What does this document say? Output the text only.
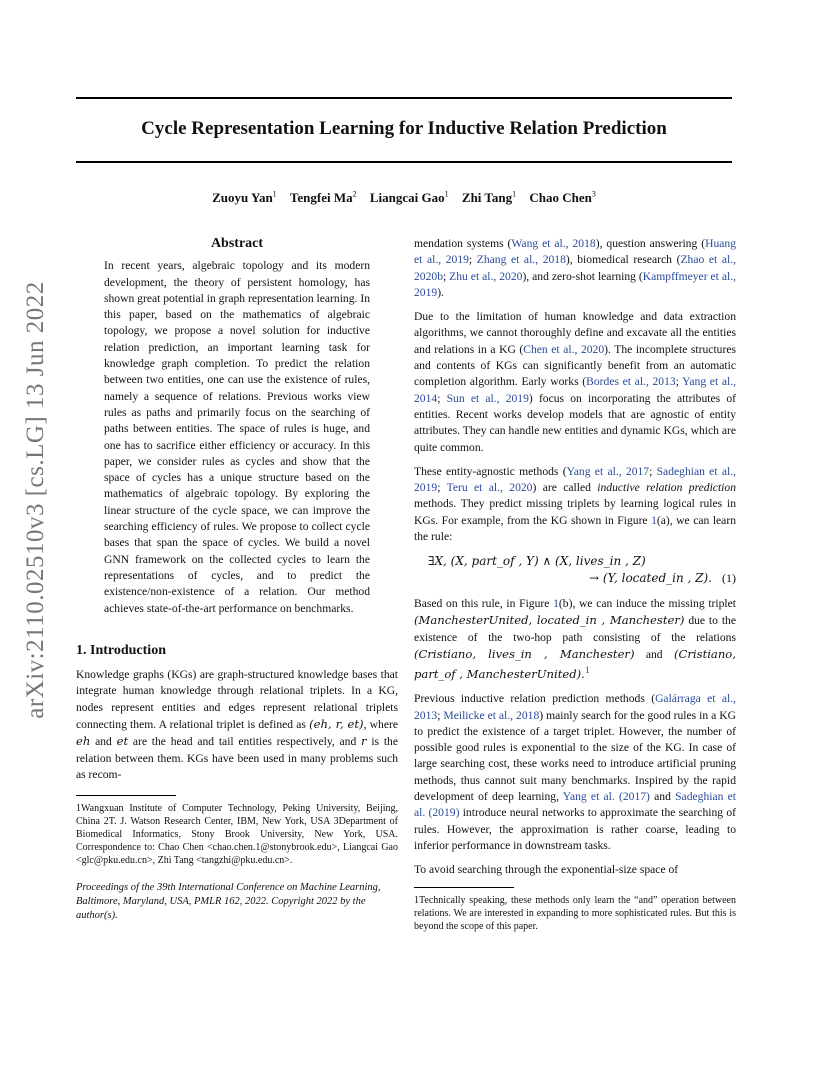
Cycle Representation Learning for Inductive Relation Prediction
Zuoyu Yan$^1$ Tengfei Ma$^2$ Liangcai Gao$^1$ Zhi Tang$^1$ Chao Chen$^3$
arXiv:2110.02510v3 [cs.LG] 13 Jun 2022
Abstract

In recent years, algebraic topology and its modern development, the theory of persistent homology, has shown great potential in graph representation learning. In this paper, based on the mathematics of algebraic topology, we propose a novel solution for inductive relation prediction, an important learning task for knowledge graph completion. To predict the relation between two entities, one can use the existence of rules, namely a sequence of relations. Previous works view rules as paths and primarily focus on the searching of paths between entities. The space of rules is huge, and one has to sacrifice either efficiency or accuracy. In this paper, we consider rules as cycles and show that the space of cycles has a unique structure based on the mathematics of algebraic topology. By exploring the linear structure of the cycle space, we can improve the searching efficiency of rules. We propose to collect cycle bases that span the space of cycles. We build a novel GNN framework on the collected cycles to learn the representations of cycles, and to predict the existence/non-existence of a relation. Our method achieves state-of-the-art performance on benchmarks.

1. Introduction

Knowledge graphs (KGs) are graph-structured knowledge bases that integrate human knowledge through relational triplets. In a KG, nodes represent entities and edges represent relational triplets connecting them. A relational triplet is defined as (eh, r, et), where eh and et are the head and tail entities respectively, and r is the relation between them. KGs have been used in many problems such as recom-

1Wangxuan Institute of Computer Technology, Peking University, Beijing, China 2T. J. Watson Research Center, IBM, New York, USA 3Department of Biomedical Informatics, Stony Brook University, New York, USA. Correspondence to: Chao Chen <chao.chen.1@stonybrook.edu>, Liangcai Gao <glc@pku.edu.cn>, Zhi Tang <tangzhi@pku.edu.cn>.

Proceedings of the 39th International Conference on Machine Learning, Baltimore, Maryland, USA, PMLR 162, 2022. Copyright 2022 by the author(s).

mendation systems (Wang et al., 2018), question answering (Huang et al., 2019; Zhang et al., 2018), biomedical research (Zhao et al., 2020b; Zhu et al., 2020), and zero-shot learning (Kampffmeyer et al., 2019).

Due to the limitation of human knowledge and data extraction algorithms, we cannot thoroughly define and excavate all the entities and relations in a KG (Chen et al., 2020). The incomplete structures and contents of KGs can significantly benefit from an automatic completion algorithm. Early works (Bordes et al., 2013; Yang et al., 2014; Sun et al., 2019) focus on incorporating the attributes of entities. Recent works develop models that are agnostic of entity attributes. They can handle new entities and dynamic KGs, which are quite common.

These entity-agnostic methods (Yang et al., 2017; Sadeghian et al., 2019; Teru et al., 2020) are called inductive relation prediction methods. They predict missing triplets by learning logical rules in KGs. For example, from the KG shown in Figure 1(a), we can learn the rule:

∃X, (X, part_of , Y) ∧ (X, lives_in , Z)
→ (Y, located_in , Z). (1)

Based on this rule, in Figure 1(b), we can induce the missing triplet (ManchesterUnited, located_in , Manchester) due to the existence of the two-hop path consisting of the relations (Cristiano, lives_in , Manchester) and (Cristiano, part_of , ManchesterUnited).$^1$

Previous inductive relation prediction methods (Galárraga et al., 2013; Meilicke et al., 2018) mainly search for the good rules in a KG to predict the existence of a target triplet. However, the number of possible good rules is exponential to the size of the KG. In case of large searching cost, these works need to introduce artificial pruning methods, thus cannot suit many benchmarks. Inspired by the rapid development of deep learning, Yang et al. (2017) and Sadeghian et al. (2019) introduce neural networks to approximate the searching of rules. However, the approximation is rather coarse, leading to inferior performance in downstream tasks.

To avoid searching through the exponential-size space of

1Technically speaking, these methods only learn the “and” operation between relations. We are interested in expanding to more sophisticated rules. But this is beyond the scope of this paper.
